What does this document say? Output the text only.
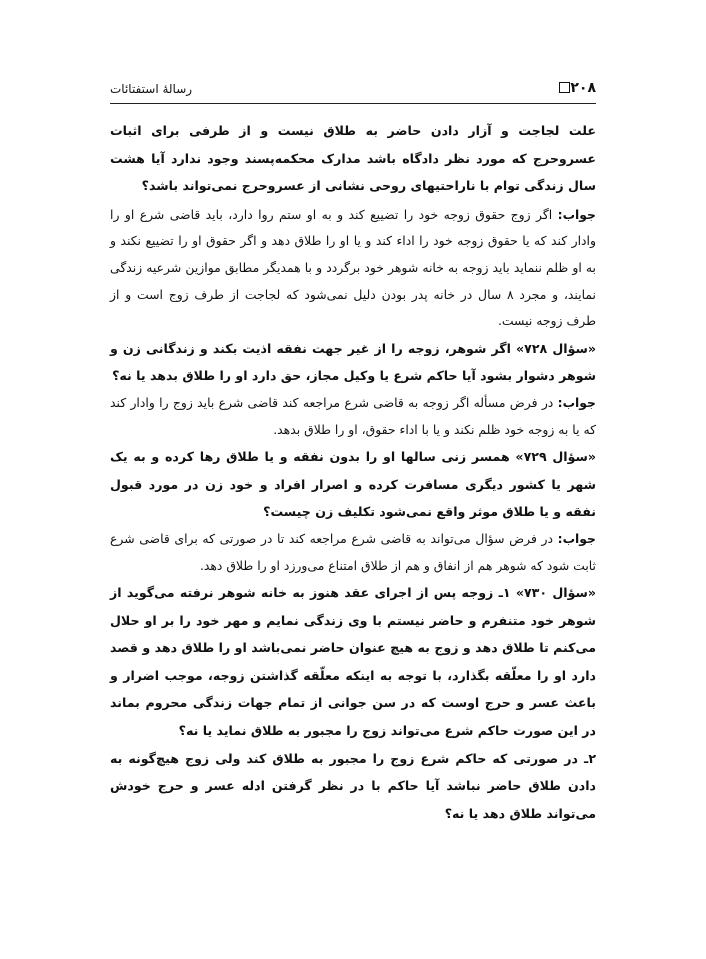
۲۰۸
رسالهٔ استفتائات

علت لجاجت و آزار دادن حاضر به طلاق نیست و از طرفی برای اثبات عسروحرج که مورد نظر دادگاه باشد مدارک محکمه‌پسند وجود ندارد آیا هشت سال زندگی توام با ناراحتیهای روحی نشانی از عسروحرج نمی‌تواند باشد؟

جواب: اگر زوج حقوق زوجه خود را تضییع کند و به او ستم روا دارد، باید قاضی شرع او را وادار کند که یا حقوق زوجه خود را اداء کند و یا او را طلاق دهد و اگر حقوق او را تضییع نکند و به او ظلم ننماید باید زوجه به خانه شوهر خود برگردد و با همدیگر مطابق موازین شرعیه زندگی نمایند، و مجرد ۸ سال در خانه پدر بودن دلیل نمی‌شود که لجاجت از طرف زوج است و از طرف زوجه نیست.

«سؤال ۷۲۸» اگر شوهر، زوجه را از غیر جهت نفقه اذیت بکند و زندگانی زن و شوهر دشوار بشود آیا حاکم شرع یا وکیل مجاز، حق دارد او را طلاق بدهد یا نه؟

جواب: در فرض مسأله اگر زوجه به قاضی شرع مراجعه کند قاضی شرع باید زوج را وادار کند که یا به زوجه خود ظلم نکند و یا با اداء حقوق، او را طلاق بدهد.

«سؤال ۷۲۹» همسر زنی سالها او را بدون نفقه و یا طلاق رها کرده و به یک شهر یا کشور دیگری مسافرت کرده و اصرار افراد و خود زن در مورد قبول نفقه و یا طلاق موثر واقع نمی‌شود تکلیف زن چیست؟

جواب: در فرض سؤال می‌تواند به قاضی شرع مراجعه کند تا در صورتی که برای قاضی شرع ثابت شود که شوهر هم از انفاق و هم از طلاق امتناع می‌ورزد او را طلاق دهد.

«سؤال ۷۳۰» ۱ـ زوجه پس از اجرای عقد هنوز به خانه شوهر نرفته می‌گوید از شوهر خود متنفرم و حاضر نیستم با وی زندگی نمایم و مهر خود را بر او حلال می‌کنم تا طلاق دهد و زوج به هیچ عنوان حاضر نمی‌باشد او را طلاق دهد و قصد دارد او را معلّقه بگذارد، با توجه به اینکه معلّقه گذاشتن زوجه، موجب اضرار و باعث عسر و حرج اوست که در سن جوانی از تمام جهات زندگی محروم بماند در این صورت حاکم شرع می‌تواند زوج را مجبور به طلاق نماید یا نه؟

۲ـ در صورتی که حاکم شرع زوج را مجبور به طلاق کند ولی زوج هیچ‌گونه به دادن طلاق حاضر نباشد آیا حاکم با در نظر گرفتن ادله عسر و حرج خودش می‌تواند طلاق دهد یا نه؟
